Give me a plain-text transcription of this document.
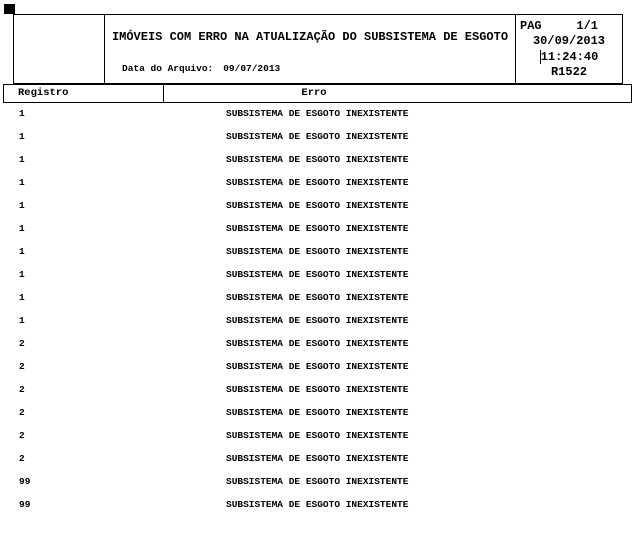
IMÓVEIS COM ERRO NA ATUALIZAÇÃO DO SUBSISTEMA DE ESGOTO
Data do Arquivo: 09/07/2013
PAG	1/1
30/09/2013
11:24:40
R1522
Registro	Erro
1	SUBSISTEMA DE ESGOTO INEXISTENTE
1	SUBSISTEMA DE ESGOTO INEXISTENTE
1	SUBSISTEMA DE ESGOTO INEXISTENTE
1	SUBSISTEMA DE ESGOTO INEXISTENTE
1	SUBSISTEMA DE ESGOTO INEXISTENTE
1	SUBSISTEMA DE ESGOTO INEXISTENTE
1	SUBSISTEMA DE ESGOTO INEXISTENTE
1	SUBSISTEMA DE ESGOTO INEXISTENTE
1	SUBSISTEMA DE ESGOTO INEXISTENTE
1	SUBSISTEMA DE ESGOTO INEXISTENTE
2	SUBSISTEMA DE ESGOTO INEXISTENTE
2	SUBSISTEMA DE ESGOTO INEXISTENTE
2	SUBSISTEMA DE ESGOTO INEXISTENTE
2	SUBSISTEMA DE ESGOTO INEXISTENTE
2	SUBSISTEMA DE ESGOTO INEXISTENTE
2	SUBSISTEMA DE ESGOTO INEXISTENTE
99	SUBSISTEMA DE ESGOTO INEXISTENTE
99	SUBSISTEMA DE ESGOTO INEXISTENTE
